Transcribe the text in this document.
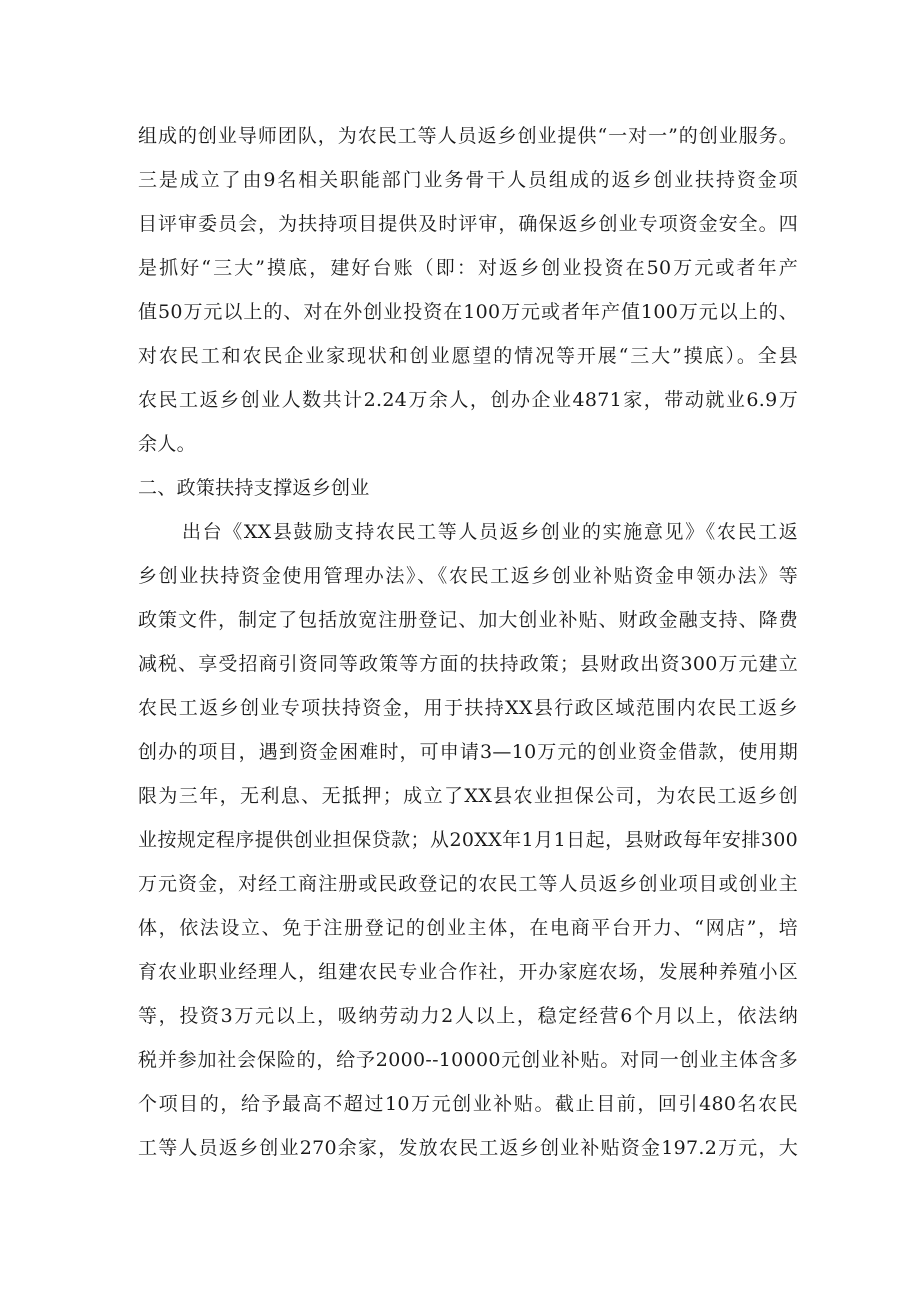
组成的创业导师团队，为农民工等人员返乡创业提供“一对一”的创业服务。
三是成立了由9名相关职能部门业务骨干人员组成的返乡创业扶持资金项
目评审委员会，为扶持项目提供及时评审，确保返乡创业专项资金安全。四
是抓好“三大”摸底，建好台账（即：对返乡创业投资在50万元或者年产
值50万元以上的、对在外创业投资在100万元或者年产值100万元以上的、
对农民工和农民企业家现状和创业愿望的情况等开展“三大”摸底）。全县
农民工返乡创业人数共计2.24万余人，创办企业4871家，带动就业6.9万
余人。
二、政策扶持支撑返乡创业
出台《XX县鼓励支持农民工等人员返乡创业的实施意见》《农民工返
乡创业扶持资金使用管理办法》、《农民工返乡创业补贴资金申领办法》等
政策文件，制定了包括放宽注册登记、加大创业补贴、财政金融支持、降费
减税、享受招商引资同等政策等方面的扶持政策；县财政出资300万元建立
农民工返乡创业专项扶持资金，用于扶持XX县行政区域范围内农民工返乡
创办的项目，遇到资金困难时，可申请3—10万元的创业资金借款，使用期
限为三年，无利息、无抵押；成立了XX县农业担保公司，为农民工返乡创
业按规定程序提供创业担保贷款；从20XX年1月1日起，县财政每年安排300
万元资金，对经工商注册或民政登记的农民工等人员返乡创业项目或创业主
体，依法设立、免于注册登记的创业主体，在电商平台开力、“网店”，培
育农业职业经理人，组建农民专业合作社，开办家庭农场，发展种养殖小区
等，投资3万元以上，吸纳劳动力2人以上，稳定经营6个月以上，依法纳
税并参加社会保险的，给予2000--10000元创业补贴。对同一创业主体含多
个项目的，给予最高不超过10万元创业补贴。截止目前，回引480名农民
工等人员返乡创业270余家，发放农民工返乡创业补贴资金197.2万元，大
